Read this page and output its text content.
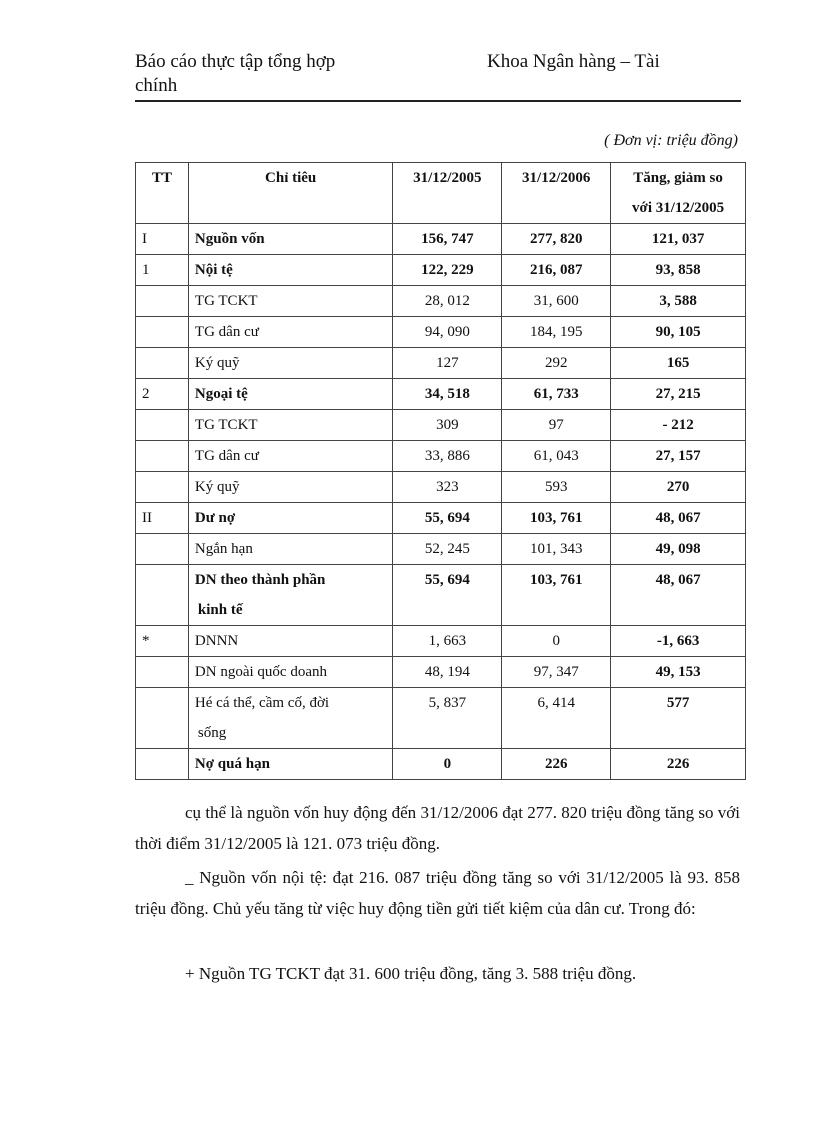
Báo cáo thực tập tổng hợp
chính
Khoa Ngân hàng – Tài
( Đơn vị: triệu đồng)
TT	Chỉ tiêu	31/12/2005	31/12/2006	Tăng, giảm so
với 31/12/2005
I	Nguồn vốn	156, 747	277, 820	121, 037
1	Nội tệ	122, 229	216, 087	93, 858
	TG TCKT	28, 012	31, 600	3, 588
	TG dân cư	94, 090	184, 195	90, 105
	Ký quỹ	127	292	165
2	Ngoại tệ	34, 518	61, 733	27, 215
	TG TCKT	309	97	- 212
	TG dân cư	33, 886	61, 043	27, 157
	Ký quỹ	323	593	270
II	Dư nợ	55, 694	103, 761	48, 067
	Ngắn hạn	52, 245	101, 343	49, 098
	DN theo thành phần
kinh tế	55, 694	103, 761	48, 067
*	DNNN	1, 663	0	-1, 663
	DN ngoài quốc doanh	48, 194	97, 347	49, 153
	Hé cá thể, cầm cố, đời
sống	5, 837	6, 414	577
	Nợ quá hạn	0	226	226
cụ thể là nguồn vốn huy động đến 31/12/2006 đạt 277. 820 triệu đồng tăng so với thời điểm 31/12/2005 là 121. 073 triệu đồng.
_ Nguồn vốn nội tệ: đạt 216. 087 triệu đồng tăng so với 31/12/2005 là 93. 858 triệu đồng. Chủ yếu tăng từ việc huy động tiền gửi tiết kiệm của dân cư. Trong đó:
+ Nguồn TG TCKT đạt 31. 600 triệu đồng, tăng 3. 588 triệu đồng.
